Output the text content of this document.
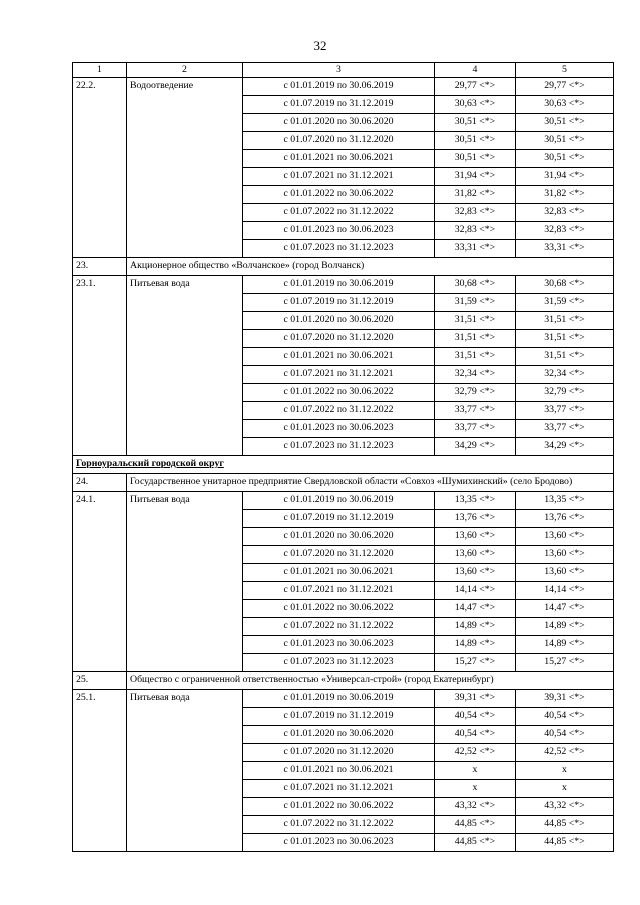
32
1	2	3	4	5
22.2.	Водоотведение	с 01.01.2019 по 30.06.2019	29,77 <*>	29,77 <*>
		с 01.07.2019 по 31.12.2019	30,63 <*>	30,63 <*>
		с 01.01.2020 по 30.06.2020	30,51 <*>	30,51 <*>
		с 01.07.2020 по 31.12.2020	30,51 <*>	30,51 <*>
		с 01.01.2021 по 30.06.2021	30,51 <*>	30,51 <*>
		с 01.07.2021 по 31.12.2021	31,94 <*>	31,94 <*>
		с 01.01.2022 по 30.06.2022	31,82 <*>	31,82 <*>
		с 01.07.2022 по 31.12.2022	32,83 <*>	32,83 <*>
		с 01.01.2023 по 30.06.2023	32,83 <*>	32,83 <*>
		с 01.07.2023 по 31.12.2023	33,31 <*>	33,31 <*>
23.	Акционерное общество «Волчанское» (город Волчанск)			
23.1.	Питьевая вода	с 01.01.2019 по 30.06.2019	30,68 <*>	30,68 <*>
		с 01.07.2019 по 31.12.2019	31,59 <*>	31,59 <*>
		с 01.01.2020 по 30.06.2020	31,51 <*>	31,51 <*>
		с 01.07.2020 по 31.12.2020	31,51 <*>	31,51 <*>
		с 01.01.2021 по 30.06.2021	31,51 <*>	31,51 <*>
		с 01.07.2021 по 31.12.2021	32,34 <*>	32,34 <*>
		с 01.01.2022 по 30.06.2022	32,79 <*>	32,79 <*>
		с 01.07.2022 по 31.12.2022	33,77 <*>	33,77 <*>
		с 01.01.2023 по 30.06.2023	33,77 <*>	33,77 <*>
		с 01.07.2023 по 31.12.2023	34,29 <*>	34,29 <*>
Горноуральский городской округ				
24.	Государственное унитарное предприятие Свердловской области «Совхоз «Шумихинский» (село Бродово)			
24.1.	Питьевая вода	с 01.01.2019 по 30.06.2019	13,35 <*>	13,35 <*>
		с 01.07.2019 по 31.12.2019	13,76 <*>	13,76 <*>
		с 01.01.2020 по 30.06.2020	13,60 <*>	13,60 <*>
		с 01.07.2020 по 31.12.2020	13,60 <*>	13,60 <*>
		с 01.01.2021 по 30.06.2021	13,60 <*>	13,60 <*>
		с 01.07.2021 по 31.12.2021	14,14 <*>	14,14 <*>
		с 01.01.2022 по 30.06.2022	14,47 <*>	14,47 <*>
		с 01.07.2022 по 31.12.2022	14,89 <*>	14,89 <*>
		с 01.01.2023 по 30.06.2023	14,89 <*>	14,89 <*>
		с 01.07.2023 по 31.12.2023	15,27 <*>	15,27 <*>
25.	Общество с ограниченной ответственностью «Универсал-строй» (город Екатеринбург)			
25.1.	Питьевая вода	с 01.01.2019 по 30.06.2019	39,31 <*>	39,31 <*>
		с 01.07.2019 по 31.12.2019	40,54 <*>	40,54 <*>
		с 01.01.2020 по 30.06.2020	40,54 <*>	40,54 <*>
		с 01.07.2020 по 31.12.2020	42,52 <*>	42,52 <*>
		с 01.01.2021 по 30.06.2021	x	x
		с 01.07.2021 по 31.12.2021	x	x
		с 01.01.2022 по 30.06.2022	43,32 <*>	43,32 <*>
		с 01.07.2022 по 31.12.2022	44,85 <*>	44,85 <*>
		с 01.01.2023 по 30.06.2023	44,85 <*>	44,85 <*>
